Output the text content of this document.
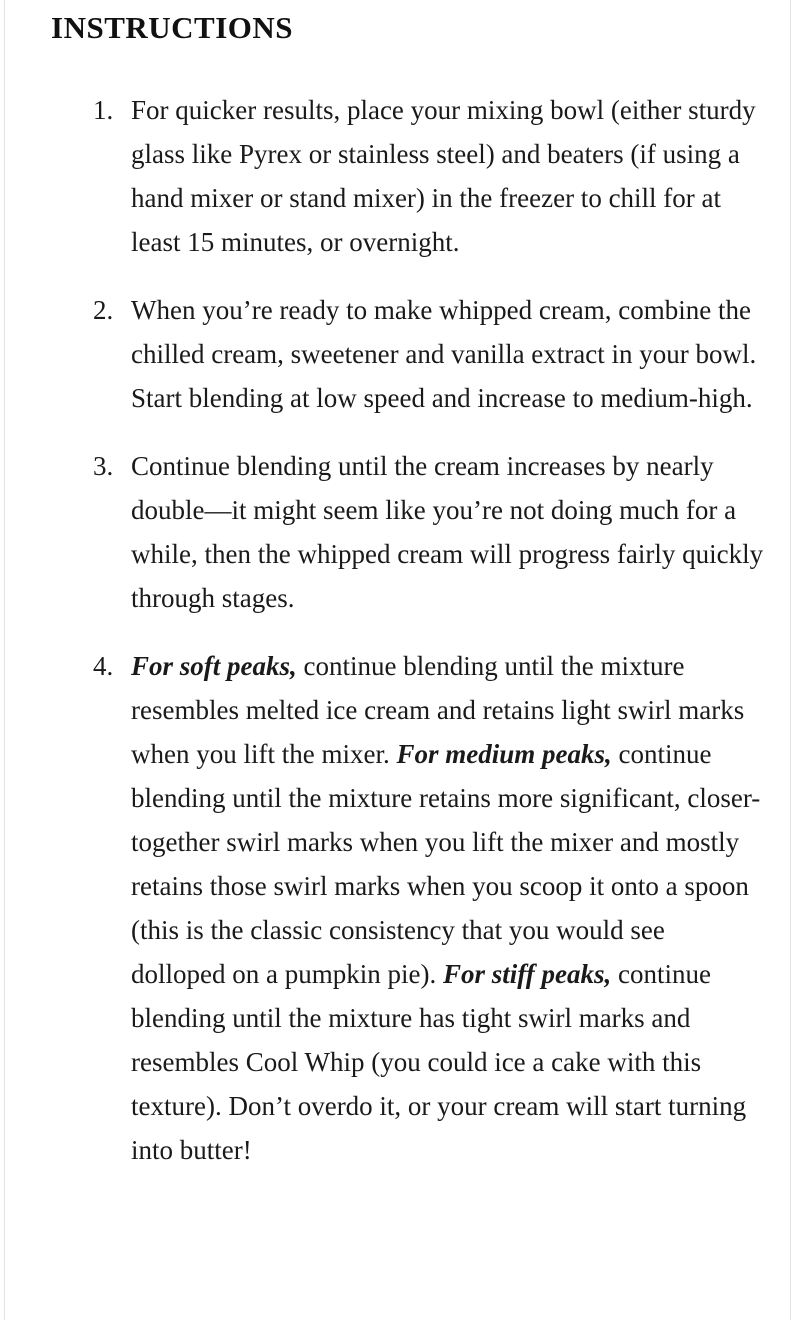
INSTRUCTIONS
1. For quicker results, place your mixing bowl (either sturdy glass like Pyrex or stainless steel) and beaters (if using a hand mixer or stand mixer) in the freezer to chill for at least 15 minutes, or overnight.
2. When you’re ready to make whipped cream, combine the chilled cream, sweetener and vanilla extract in your bowl. Start blending at low speed and increase to medium-high.
3. Continue blending until the cream increases by nearly double—it might seem like you’re not doing much for a while, then the whipped cream will progress fairly quickly through stages.
4. For soft peaks, continue blending until the mixture resembles melted ice cream and retains light swirl marks when you lift the mixer. For medium peaks, continue blending until the mixture retains more significant, closer-together swirl marks when you lift the mixer and mostly retains those swirl marks when you scoop it onto a spoon (this is the classic consistency that you would see dolloped on a pumpkin pie). For stiff peaks, continue blending until the mixture has tight swirl marks and resembles Cool Whip (you could ice a cake with this texture). Don’t overdo it, or your cream will start turning into butter!
